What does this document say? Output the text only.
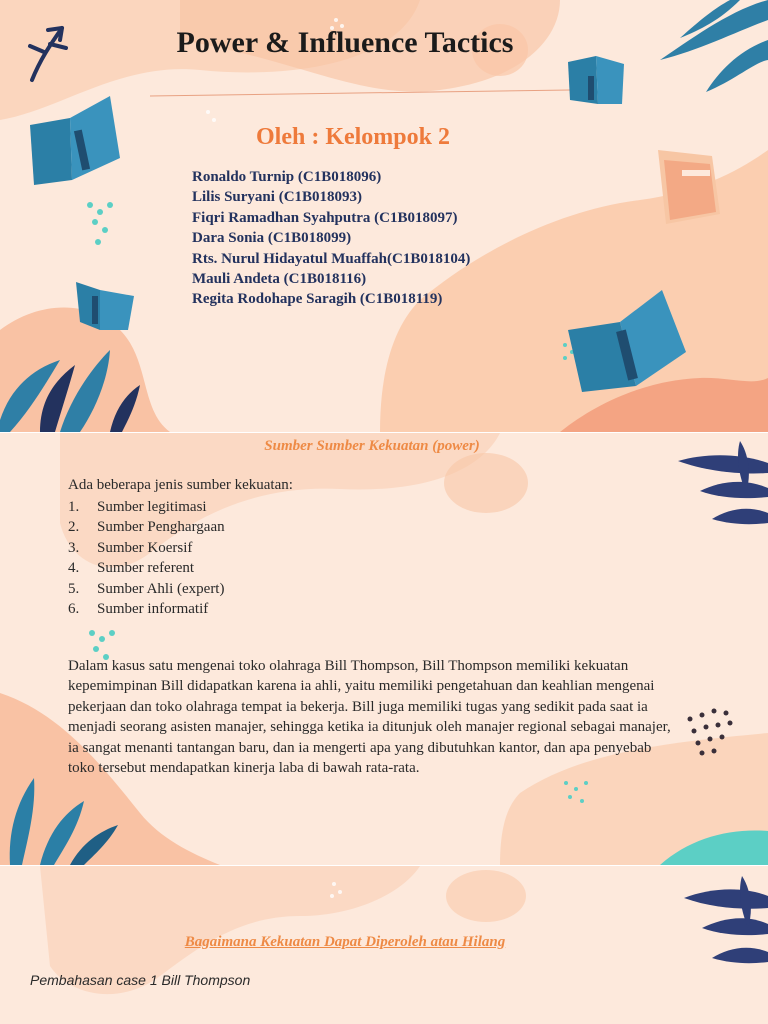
Power & Influence Tactics
Oleh : Kelompok 2
Ronaldo Turnip (C1B018096)
Lilis Suryani (C1B018093)
Fiqri Ramadhan Syahputra (C1B018097)
Dara Sonia (C1B018099)
Rts. Nurul Hidayatul Muaffah(C1B018104)
Mauli Andeta (C1B018116)
Regita Rodohape Saragih (C1B018119)
Sumber Sumber Kekuatan (power)

Ada beberapa jenis sumber kekuatan:

1. Sumber legitimasi
2. Sumber Penghargaan
3. Sumber Koersif
4. Sumber referent
5. Sumber Ahli (expert)
6. Sumber informatif

Dalam kasus satu mengenai toko olahraga Bill Thompson, Bill Thompson memiliki kekuatan kepemimpinan Bill didapatkan karena ia ahli, yaitu memiliki pengetahuan dan keahlian mengenai pekerjaan dan toko olahraga tempat ia bekerja. Bill juga memiliki tugas yang sedikit pada saat ia menjadi seorang asisten manajer, sehingga ketika ia ditunjuk oleh manajer regional sebagai manajer, ia sangat menanti tantangan baru, dan ia mengerti apa yang dibutuhkan kantor, dan apa penyebab toko tersebut mendapatkan kinerja laba di bawah rata-rata.

Bagaimana Kekuatan Dapat Diperoleh atau Hilang

Pembahasan case 1 Bill Thompson
